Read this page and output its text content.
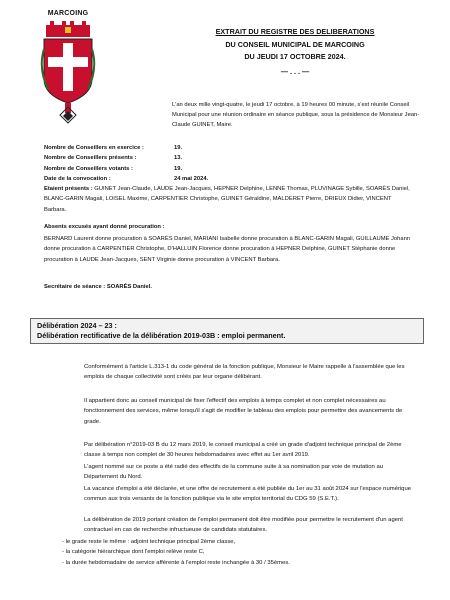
MARCOING
EXTRAIT DU REGISTRE DES DELIBERATIONS
DU CONSEIL MUNICIPAL DE MARCOING
DU JEUDI 17 OCTOBRE 2024.
— . . . —
L'an deux mille vingt-quatre, le jeudi 17 octobre, à 19 heures 00 minute, s'est réunile Conseil Municipal pour une réunion ordinaire en séance publique, sous la présidence de Monsieur Jean-Claude GUINET, Maire.
Nombre de Conseillers en exercice :	19.
Nombre de Conseillers présents :	13.
Nombre de Conseillers votants :	19.
Date de la convocation :	24 mai 2024.
Etaient présents : GUINET Jean-Claude, LAUDE Jean-Jacques, HEPNER Delphine, LENNE Thomas, PLUVINAGE Sybille, SOARÈS Daniel, BLANC-GARIN Magali, LOISEL Maxime, CARPENTIER Christophe, GUINET Géraldine, MALDERET Pierre, DRIEUX Didier, VINCENT Barbara.
Absents excusés ayant donné procuration :
BERNARD Laurent donne procuration à SOARÈS Daniel, MARIANI Isabelle donne procuration à BLANC-GARIN Magali, GUILLAUME Johann donne procuration à CARPENTIER Christophe, D'HALLUIN Florence donne procuration à HEPNER Delphine, GUINET Stéphanie donne procuration à LAUDE Jean-Jacques, SENT Virginie donne procuration à VINCENT Barbara.
Secrétaire de séance : SOARÈS Daniel.
Délibération 2024 – 23 :
Délibération rectificative de la délibération 2019-03B : emploi permanent.
Conformément à l'article L.313-1 du code général de la fonction publique, Monsieur le Maire rappelle à l'assemblée que les emplois de chaque collectivité sont créés par leur organe délibérant.
Il appartient donc au conseil municipal de fixer l'effectif des emplois à temps complet et non complet nécessaires au fonctionnement des services, même lorsqu'il s'agit de modifier le tableau des emplois pour permettre des avancements de grade.
Par délibération n°2019-03 B du 12 mars 2019, le conseil municipal a créé un grade d'adjoint technique principal de 2ème classe à temps non complet de 30 heures hebdomadaires avec effet au 1er avril 2019.
L'agent nommé sur ce poste a été radié des effectifs de la commune suite à sa nomination par voie de mutation au Département du Nord.
La vacance d'emploi a été déclarée, et une offre de recrutement a été publiée du 1er au 31 août 2024 sur l'espace numérique commun aux trois versants de la fonction publique via le site emploi territorial du CDG 59 (S.E.T.).
La délibération de 2019 portant création de l'emploi permanent doit être modifiée pour permettre le recrutement d'un agent contractuel en cas de recherche infructueuse de candidats statutaires.
- le grade reste le même : adjoint technique principal 2ème classe,
- la catégorie hiérarchique dont l'emploi relève reste C,
- la durée hebdomadaire de service afférente à l'emploi reste inchangée à 30 / 35èmes.
